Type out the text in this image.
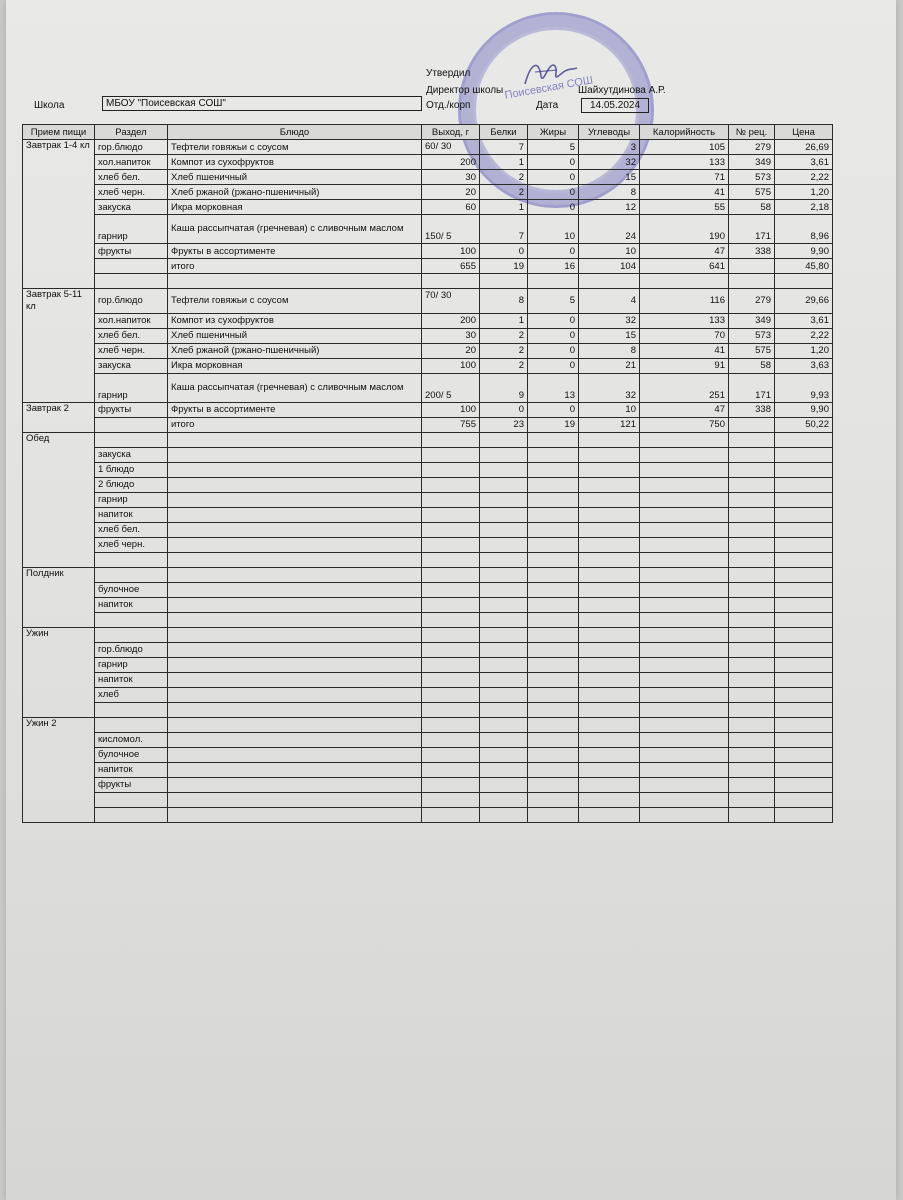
Поисевская СОШ
Утвердил
Директор школы	Шайхутдинова А.Р.
Школа	МБОУ "Поисевская СОШ"	Отд./корп	Дата	14.05.2024
Прием пищи	Раздел	Блюдо	Выход, г	Белки	Жиры	Углеводы	Калорийность	№ рец.	Цена
Завтрак 1-4 кл	гор.блюдо	Тефтели говяжьи с соусом	60/ 30	7	5	3	105	279	26,69
	хол.напиток	Компот из сухофруктов	200	1	0	32	133	349	3,61
	хлеб бел.	Хлеб пшеничный	30	2	0	15	71	573	2,22
	хлеб черн.	Хлеб ржаной (ржано-пшеничный)	20	2	0	8	41	575	1,20
	закуска	Икра морковная	60	1	0	12	55	58	2,18
	гарнир	Каша рассыпчатая (гречневая) с сливочным маслом	150/ 5	7	10	24	190	171	8,96
	фрукты	Фрукты в ассортименте	100	0	0	10	47	338	9,90
		итого	655	19	16	104	641		45,80

Завтрак 5-11 кл	гор.блюдо	Тефтели говяжьи с соусом	70/ 30	8	5	4	116	279	29,66
	хол.напиток	Компот из сухофруктов	200	1	0	32	133	349	3,61
	хлеб бел.	Хлеб пшеничный	30	2	0	15	70	573	2,22
	хлеб черн.	Хлеб ржаной (ржано-пшеничный)	20	2	0	8	41	575	1,20
	закуска	Икра морковная	100	2	0	21	91	58	3,63
	гарнир	Каша рассыпчатая (гречневая) с сливочным маслом	200/ 5	9	13	32	251	171	9,93
Завтрак 2	фрукты	Фрукты в ассортименте	100	0	0	10	47	338	9,90
		итого	755	23	19	121	750		50,22
Обед									
	закуска								
	1 блюдо								
	2 блюдо								
	гарнир								
	напиток								
	хлеб бел.								
	хлеб черн.								

Полдник									
	булочное								
	напиток								

Ужин									
	гор.блюдо								
	гарнир								
	напиток								
	хлеб								

Ужин 2									
	кисломол.								
	булочное								
	напиток								
	фрукты								
